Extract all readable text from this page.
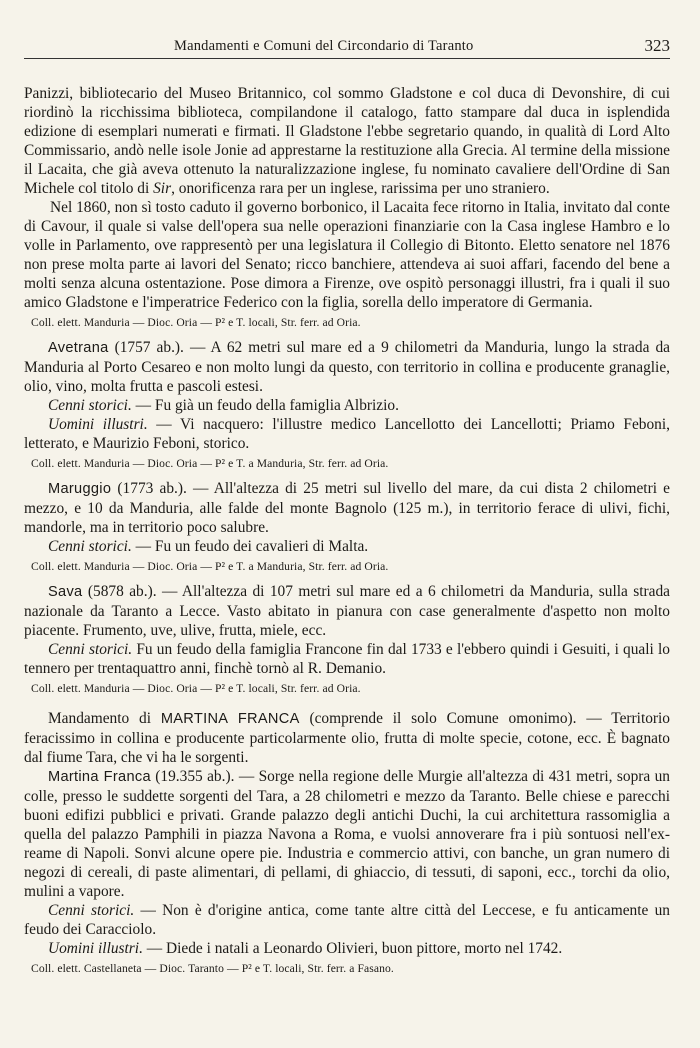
Mandamenti e Comuni del Circondario di Taranto	323

Panizzi, bibliotecario del Museo Britannico, col sommo Gladstone e col duca di Devonshire, di cui riordinò la ricchissima biblioteca, compilandone il catalogo, fatto stampare dal duca in isplendida edizione di esemplari numerati e firmati. Il Gladstone l'ebbe segretario quando, in qualità di Lord Alto Commissario, andò nelle isole Jonie ad apprestarne la restituzione alla Grecia. Al termine della missione il Lacaita, che già aveva ottenuto la naturalizzazione inglese, fu nominato cavaliere dell'Ordine di San Michele col titolo di Sir, onorificenza rara per un inglese, rarissima per uno straniero.

Nel 1860, non sì tosto caduto il governo borbonico, il Lacaita fece ritorno in Italia, invitato dal conte di Cavour, il quale si valse dell'opera sua nelle operazioni finanziarie con la Casa inglese Hambro e lo volle in Parlamento, ove rappresentò per una legislatura il Collegio di Bitonto. Eletto senatore nel 1876 non prese molta parte ai lavori del Senato; ricco banchiere, attendeva ai suoi affari, facendo del bene a molti senza alcuna ostentazione. Pose dimora a Firenze, ove ospitò personaggi illustri, fra i quali il suo amico Gladstone e l'imperatrice Federico con la figlia, sorella dello imperatore di Germania.

Coll. elett. Manduria — Dioc. Oria — P² e T. locali, Str. ferr. ad Oria.

Avetrana (1757 ab.). — A 62 metri sul mare ed a 9 chilometri da Manduria, lungo la strada da Manduria al Porto Cesareo e non molto lungi da questo, con territorio in collina e producente granaglie, olio, vino, molta frutta e pascoli estesi.

Cenni storici. — Fu già un feudo della famiglia Albrizio.

Uomini illustri. — Vi nacquero: l'illustre medico Lancellotto dei Lancellotti; Priamo Feboni, letterato, e Maurizio Feboni, storico.

Coll. elett. Manduria — Dioc. Oria — P² e T. a Manduria, Str. ferr. ad Oria.

Maruggio (1773 ab.). — All'altezza di 25 metri sul livello del mare, da cui dista 2 chilometri e mezzo, e 10 da Manduria, alle falde del monte Bagnolo (125 m.), in territorio ferace di ulivi, fichi, mandorle, ma in territorio poco salubre.

Cenni storici. — Fu un feudo dei cavalieri di Malta.

Coll. elett. Manduria — Dioc. Oria — P² e T. a Manduria, Str. ferr. ad Oria.

Sava (5878 ab.). — All'altezza di 107 metri sul mare ed a 6 chilometri da Manduria, sulla strada nazionale da Taranto a Lecce. Vasto abitato in pianura con case generalmente d'aspetto non molto piacente. Frumento, uve, ulive, frutta, miele, ecc.

Cenni storici. Fu un feudo della famiglia Francone fin dal 1733 e l'ebbero quindi i Gesuiti, i quali lo tennero per trentaquattro anni, finchè tornò al R. Demanio.

Coll. elett. Manduria — Dioc. Oria — P² e T. locali, Str. ferr. ad Oria.

Mandamento di MARTINA FRANCA (comprende il solo Comune omonimo). — Territorio feracissimo in collina e producente particolarmente olio, frutta di molte specie, cotone, ecc. È bagnato dal fiume Tara, che vi ha le sorgenti.

Martina Franca (19.355 ab.). — Sorge nella regione delle Murgie all'altezza di 431 metri, sopra un colle, presso le suddette sorgenti del Tara, a 28 chilometri e mezzo da Taranto. Belle chiese e parecchi buoni edifizi pubblici e privati. Grande palazzo degli antichi Duchi, la cui architettura rassomiglia a quella del palazzo Pamphili in piazza Navona a Roma, e vuolsi annoverare fra i più sontuosi nell'ex-reame di Napoli. Sonvi alcune opere pie. Industria e commercio attivi, con banche, un gran numero di negozi di cereali, di paste alimentari, di pellami, di ghiaccio, di tessuti, di saponi, ecc., torchi da olio, mulini a vapore.

Cenni storici. — Non è d'origine antica, come tante altre città del Leccese, e fu anticamente un feudo dei Caracciolo.

Uomini illustri. — Diede i natali a Leonardo Olivieri, buon pittore, morto nel 1742.

Coll. elett. Castellaneta — Dioc. Taranto — P² e T. locali, Str. ferr. a Fasano.
